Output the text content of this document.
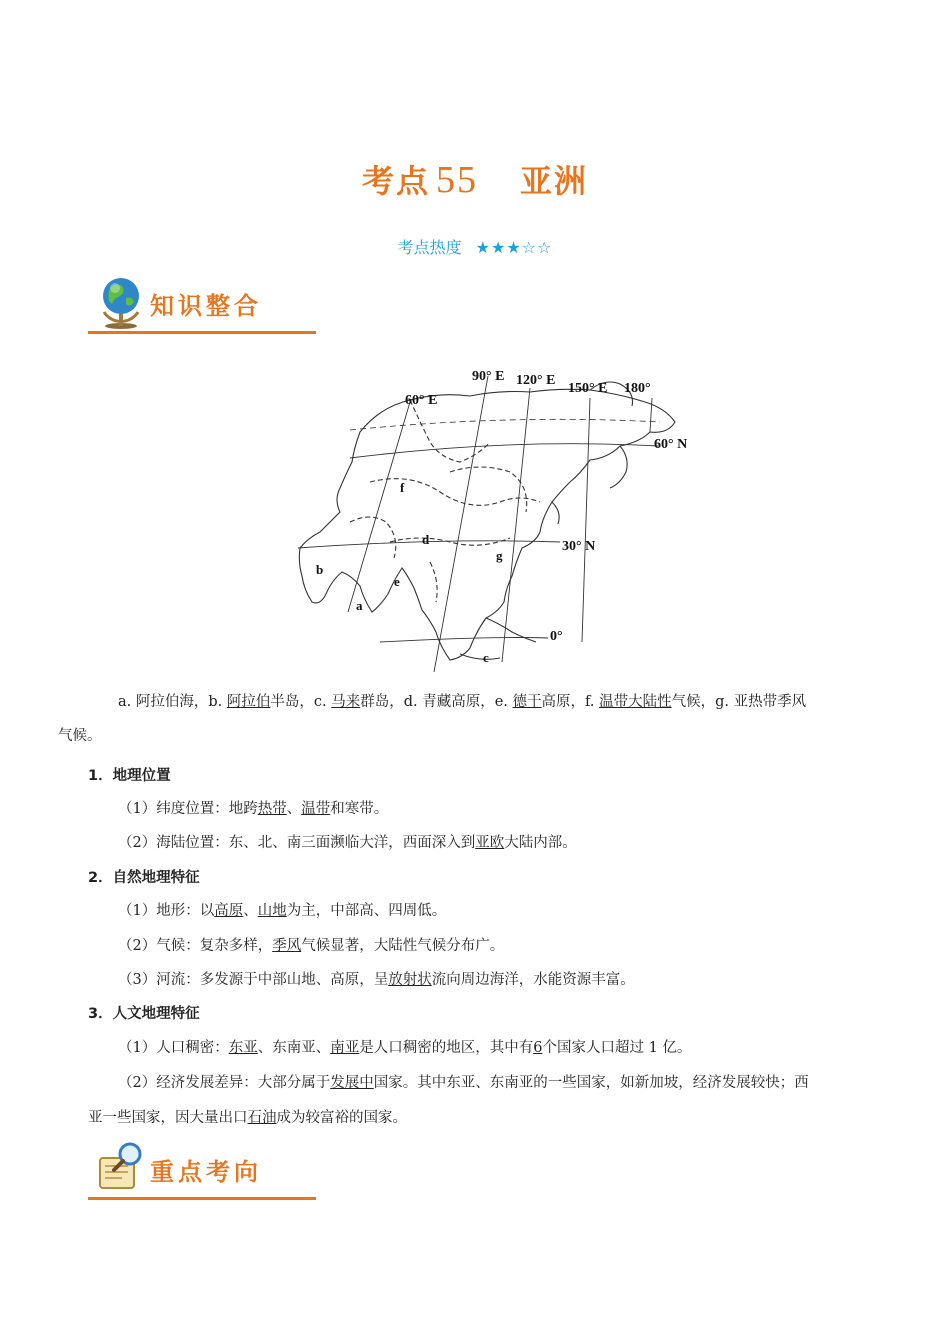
考点 55 亚洲
考点热度 ★★★☆☆
知识整合
60° E
90° E 120° E
150° E 180°
60° N
30° N
0°
a
b
c
d
e
f
g
a. 阿拉伯海，b. 阿拉伯半岛，c. 马来群岛，d. 青藏高原，e. 德干高原，f. 温带大陆性气候，g. 亚热带季风
气候。
1．地理位置
（1）纬度位置：地跨热带、温带和寒带。
（2）海陆位置：东、北、南三面濒临大洋，西面深入到亚欧大陆内部。
2．自然地理特征
（1）地形：以高原、山地为主，中部高、四周低。
（2）气候：复杂多样，季风气候显著，大陆性气候分布广。
（3）河流：多发源于中部山地、高原，呈放射状流向周边海洋，水能资源丰富。
3．人文地理特征
（1）人口稠密：东亚、东南亚、南亚是人口稠密的地区，其中有6个国家人口超过 1 亿。
（2）经济发展差异：大部分属于发展中国家。其中东亚、东南亚的一些国家，如新加坡，经济发展较快；西
亚一些国家，因大量出口石油成为较富裕的国家。
重点考向
